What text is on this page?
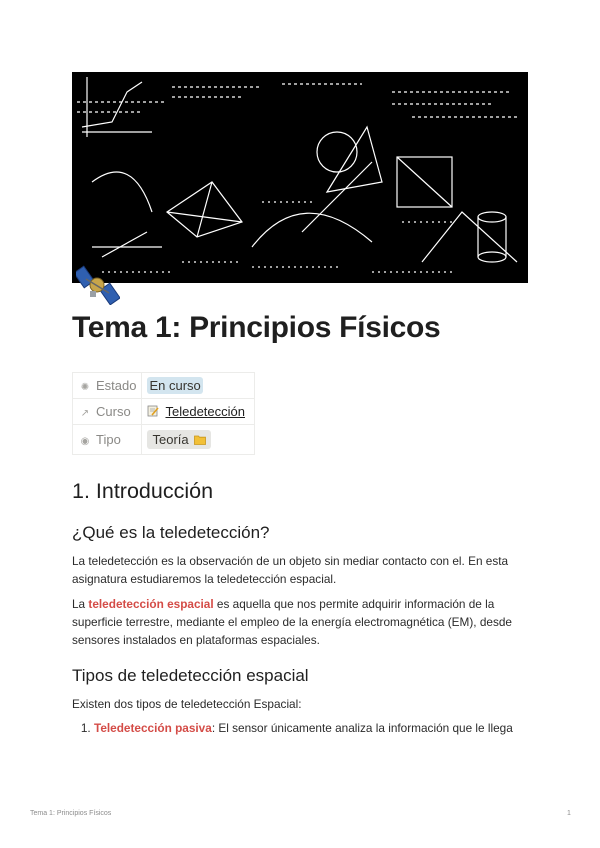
Tema 1: Principios Físicos
✺ Estado	En curso
↗ Curso	Teledetección
◉ Tipo	Teoría
1. Introducción
¿Qué es la teledetección?

La teledetección es la observación de un objeto sin mediar contacto con el. En esta asignatura estudiaremos la teledetección espacial.

La teledetección espacial es aquella que nos permite adquirir información de la superficie terrestre, mediante el empleo de la energía electromagnética (EM), desde sensores instalados en plataformas espaciales.

Tipos de teledetección espacial

Existen dos tipos de teledetección Espacial:

1. Teledetección pasiva: El sensor únicamente analiza la información que le llega
Tema 1: Principios Físicos	1
